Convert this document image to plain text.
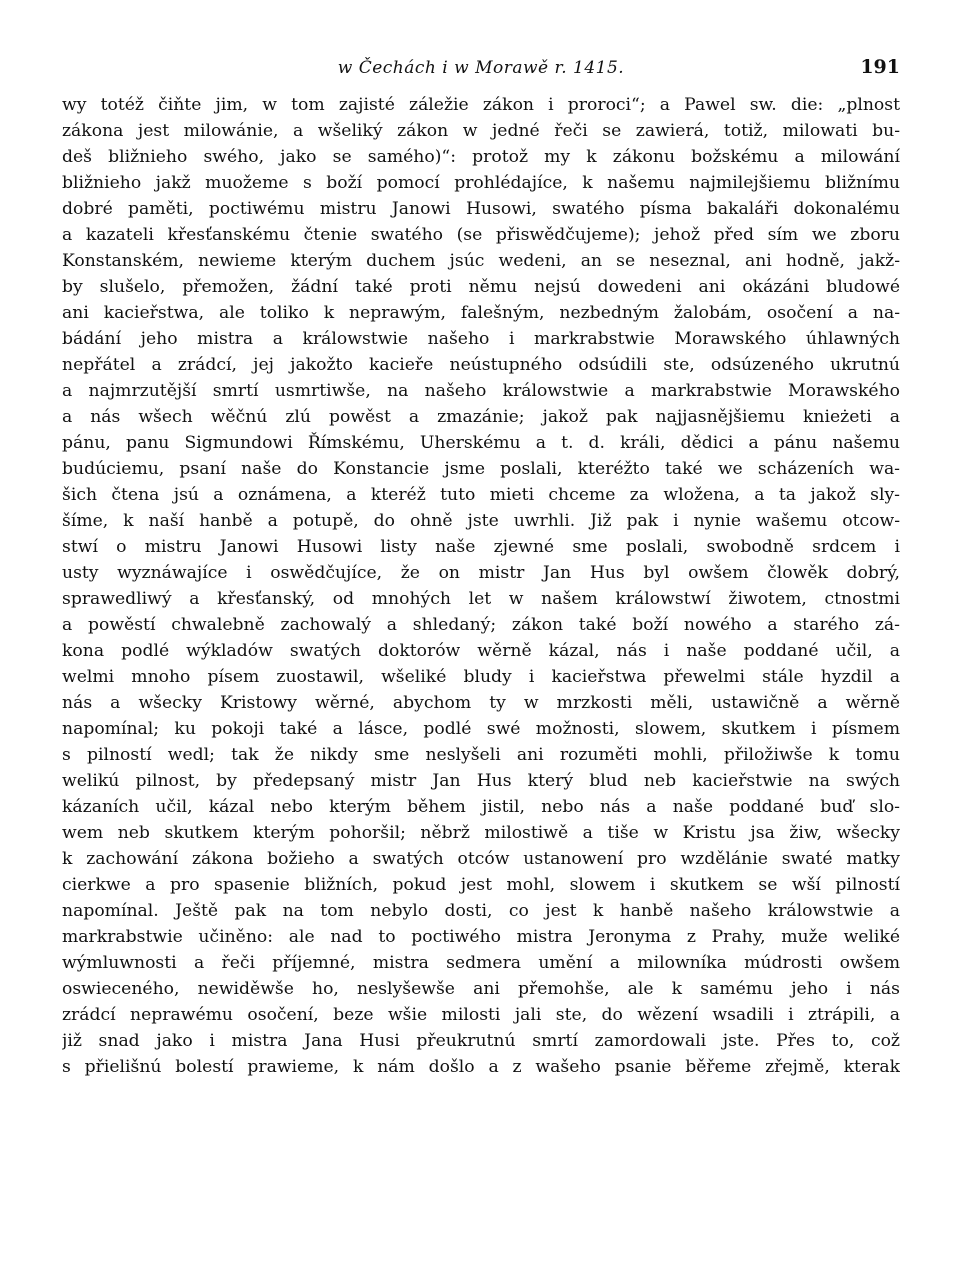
w Čechách i w Morawě r. 1415.	191
wy totéž čiňte jim, w tom zajisté záležie zákon i proroci“; a Pawel sw. die: „plnost
zákona jest milowánie, a wšeliký zákon w jedné řeči se zawierá, totiž, milowati bu-
deš bližnieho swého, jako se samého)“: protož my k zákonu božskému a milowání
bližnieho jakž muožeme s boží pomocí prohlédajíce, k našemu najmilejšiemu bližnímu
dobré paměti, poctiwému mistru Janowi Husowi, swatého písma bakaláři dokonalému
a kazateli křesťanskému čtenie swatého (se přiswědčujeme); jehož před sím we zboru
Konstanském, newieme kterým duchem jsúc wedeni, an se neseznal, ani hodně, jakž-
by slušelo, přemožen, žádní také proti němu nejsú dowedeni ani okázáni bludowé
ani kacieřstwa, ale toliko k neprawým, falešným, nezbedným žalobám, osočení a na-
bádání jeho mistra a králowstwie našeho i markrabstwie Morawského úhlawných
nepřátel a zrádcí, jej jakožto kacieře neústupného odsúdili ste, odsúzeného ukrutnú
a najmrzutější smrtí usmrtiwše, na našeho králowstwie a markrabstwie Morawského
a nás wšech wěčnú zlú powěst a zmazánie; jakož pak najjasnějšiemu knieżeti a
pánu, panu Sigmundowi Římskému, Uherskému a t. d. králi, dědici a pánu našemu
budúciemu, psaní naše do Konstancie jsme poslali, kteréžto také we scházeních wa-
šich čtena jsú a oznámena, a kteréž tuto mieti chceme za wložena, a ta jakož sly-
šíme, k naší hanbě a potupě, do ohně jste uwrhli. Již pak i nynie wašemu otcow-
stwí o mistru Janowi Husowi listy naše zjewné sme poslali, swobodně srdcem i
usty wyznáwajíce i oswědčujíce, že on mistr Jan Hus byl owšem člowěk dobrý,
sprawedliwý a křesťanský, od mnohých let w našem králowstwí žiwotem, ctnostmi
a powěstí chwalebně zachowalý a shledaný; zákon také boží nowého a starého zá-
kona podlé wýkladów swatých doktorów wěrně kázal, nás i naše poddané učil, a
welmi mnoho písem zuostawil, wšeliké bludy i kacieřstwa přewelmi stále hyzdil a
nás a wšecky Kristowy wěrné, abychom ty w mrzkosti měli, ustawičně a wěrně
napomínal; ku pokoji také a lásce, podlé swé možnosti, slowem, skutkem i písmem
s pilností wedl; tak že nikdy sme neslyšeli ani rozuměti mohli, přiložiwše k tomu
welikú pilnost, by předepsaný mistr Jan Hus který blud neb kacieřstwie na swých
kázaních učil, kázal nebo kterým během jistil, nebo nás a naše poddané buď slo-
wem neb skutkem kterým pohoršil; něbrž milostiwě a tiše w Kristu jsa žiw, wšecky
k zachowání zákona božieho a swatých otców ustanowení pro wzdělánie swaté matky
cierkwe a pro spasenie bližních, pokud jest mohl, slowem i skutkem se wší pilností
napomínal. Ještě pak na tom nebylo dosti, co jest k hanbě našeho králowstwie a
markrabstwie učiněno: ale nad to poctiwého mistra Jeronyma z Prahy, muže weliké
wýmluwnosti a řeči příjemné, mistra sedmera umění a milowníka múdrosti owšem
oswieceného, newiděwše ho, neslyšewše ani přemohše, ale k samému jeho i nás
zrádcí neprawému osočení, beze wšie milosti jali ste, do wězení wsadili i ztrápili, a
již snad jako i mistra Jana Husi přeukrutnú smrtí zamordowali jste. Přes to, což
s přielišnú bolestí prawieme, k nám došlo a z wašeho psanie běřeme zřejmě, kterak
